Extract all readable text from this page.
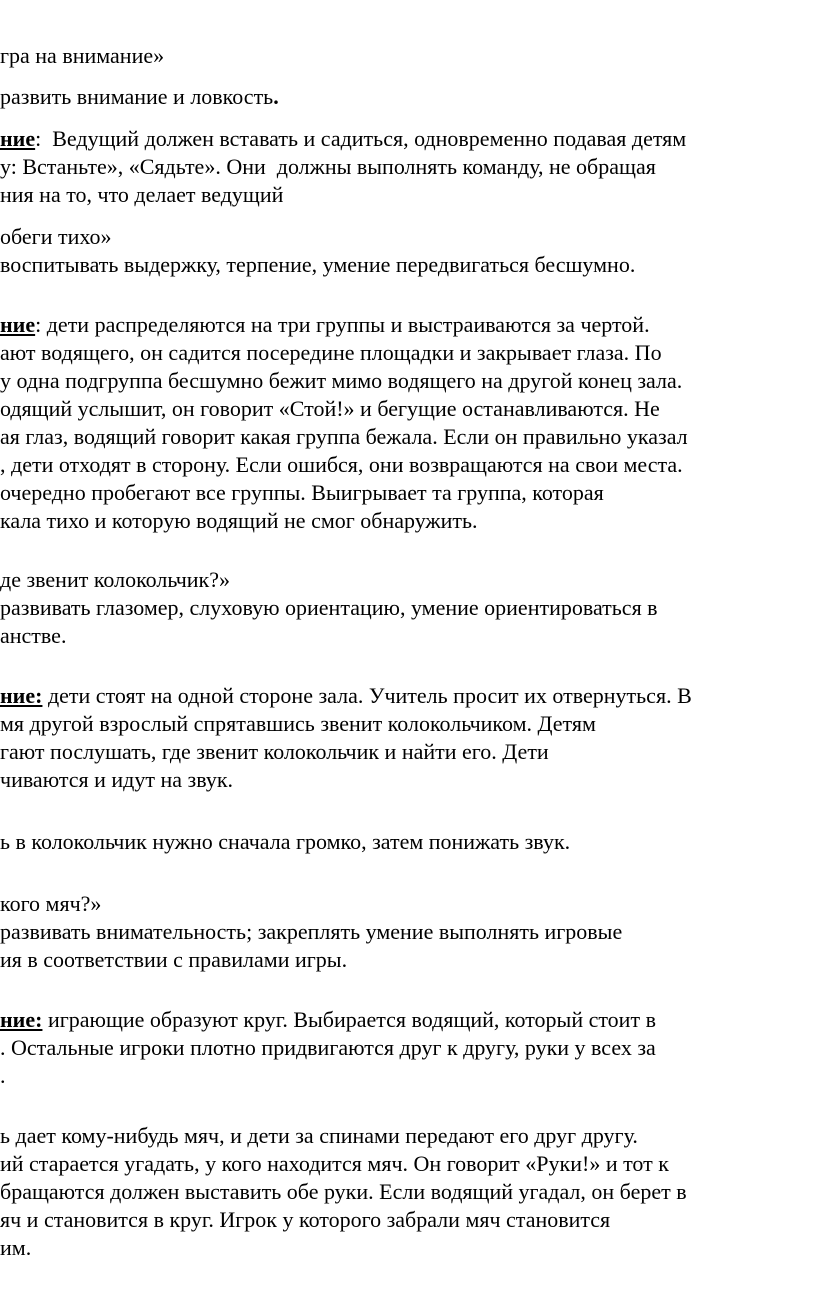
гра на внимание»
развить внимание и ловкость.
ние:  Ведущий должен вставать и садиться, одновременно подавая детям
у: Встаньте», «Сядьте». Они  должны выполнять команду, не обращая
ния на то, что делает ведущий
обеги тихо»
воспитывать выдержку, терпение, умение передвигаться бесшумно.
ние: дети распределяются на три группы и выстраиваются за чертой.
ают водящего, он садится посередине площадки и закрывает глаза. По
у одна подгруппа бесшумно бежит мимо водящего на другой конец зала.
одящий услышит, он говорит «Стой!» и бегущие останавливаются. Не
ая глаз, водящий говорит какая группа бежала. Если он правильно указал
, дети отходят в сторону. Если ошибся, они возвращаются на свои места.
очередно пробегают все группы. Выигрывает та группа, которая
кала тихо и которую водящий не смог обнаружить.
де звенит колокольчик?»
развивать глазомер, слуховую ориентацию, умение ориентироваться в
анстве.
ние: дети стоят на одной стороне зала. Учитель просит их отвернуться. В
мя другой взрослый спрятавшись звенит колокольчиком. Детям
гают послушать, где звенит колокольчик и найти его. Дети
чиваются и идут на звук.
ь в колокольчик нужно сначала громко, затем понижать звук.
кого мяч?»
развивать внимательность; закреплять умение выполнять игровые
ия в соответствии с правилами игры.
ние: играющие образуют круг. Выбирается водящий, который стоит в
. Остальные игроки плотно придвигаются друг к другу, руки у всех за
.
ь дает кому-нибудь мяч, и дети за спинами передают его друг другу.
ий старается угадать, у кого находится мяч. Он говорит «Руки!» и тот к
бращаются должен выставить обе руки. Если водящий угадал, он берет в
яч и становится в круг. Игрок у которого забрали мяч становится
им.
